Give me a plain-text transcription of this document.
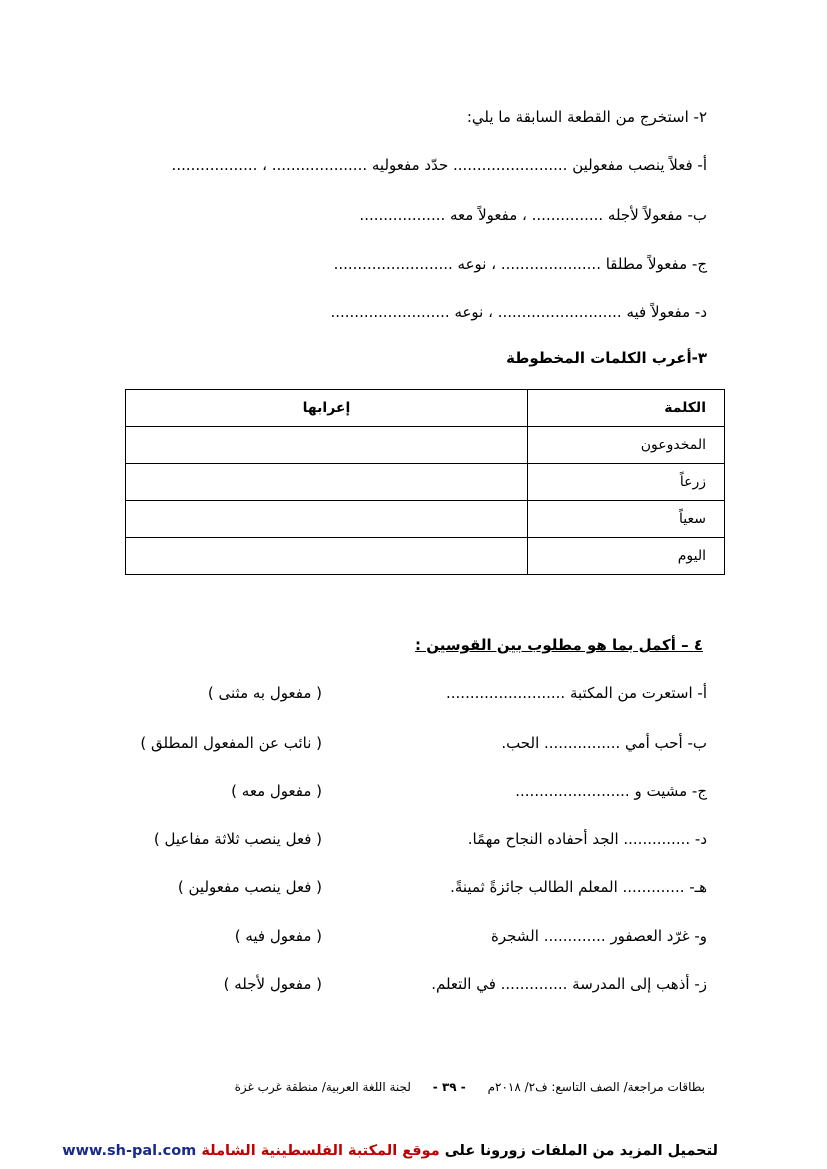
٢- استخرج من القطعة السابقة ما يلي:
أ- فعلاً ينصب مفعولين ........................ حدّد مفعوليه .................... ، ..................
ب- مفعولاً لأجله ............... ، مفعولاً معه ..................
ج- مفعولاً مطلقا ..................... ، نوعه .........................
د- مفعولاً فيه .......................... ، نوعه .........................
٣-أعرب الكلمات المخطوطة
الكلمة	إعرابها
المخدوعون	
زرعاً	
سعياً	
اليوم	
٤ – أكمل بما هو مطلوب بين القوسين :
أ- استعرت من المكتبة .........................
( مفعول به مثنى )
ب- أحب أمي ................ الحب.
( نائب عن المفعول المطلق )
ج- مشيت و ........................
( مفعول معه )
د- .............. الجد أحفاده النجاح مهمًا.
( فعل ينصب ثلاثة مفاعيل )
هـ- ............. المعلم الطالب جائزةً ثمينةً.
( فعل ينصب مفعولين )
و- غرّد العصفور ............. الشجرة
( مفعول فيه )
ز- أذهب إلى المدرسة .............. في التعلم.
( مفعول لأجله )
بطاقات مراجعة/ الصف التاسع: ف٢/ ٢٠١٨م - ٣٩ - لجنة اللغة العربية/ منطقة غرب غزة
لتحميل المزيد من الملفات زورونا على موقع المكتبة الفلسطينية الشاملة www.sh-pal.com
